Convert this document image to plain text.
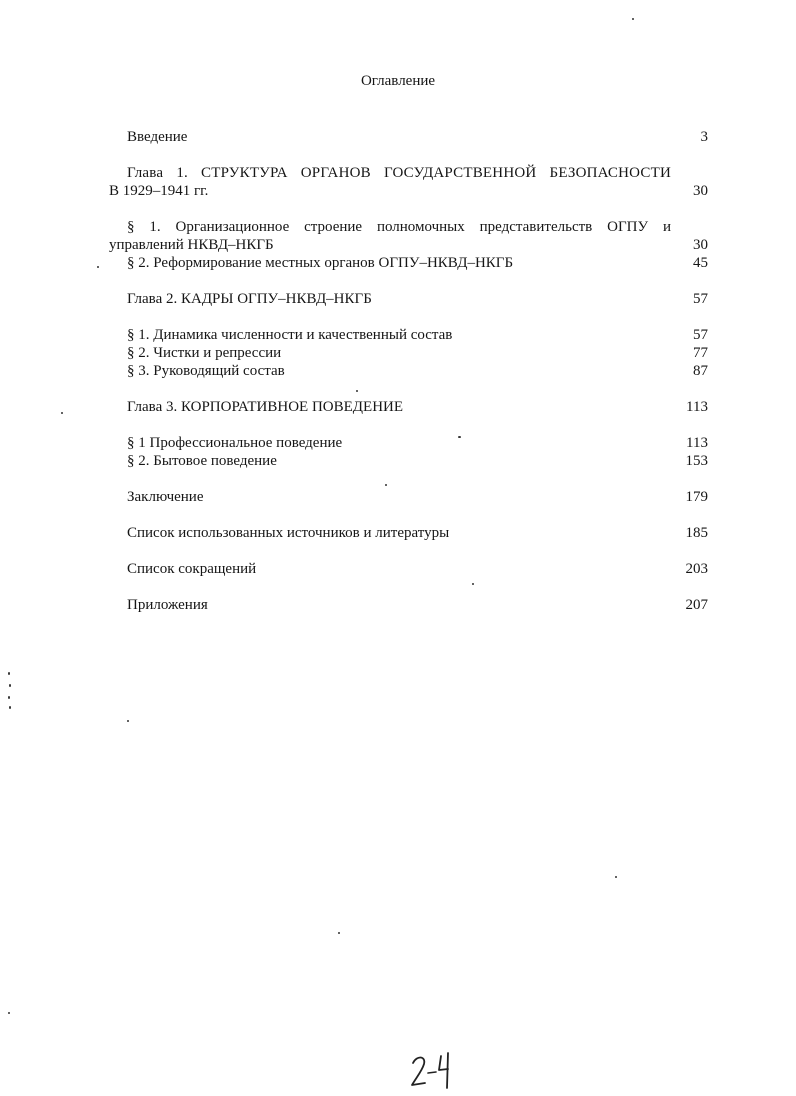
Оглавление
Введение	3
Глава 1. СТРУКТУРА ОРГАНОВ ГОСУДАРСТВЕННОЙ БЕЗОПАСНОСТИ
В 1929–1941 гг.	30
§ 1. Организационное строение полномочных представительств ОГПУ и
управлений НКВД–НКГБ	30
§ 2. Реформирование местных органов ОГПУ–НКВД–НКГБ	45
Глава 2. КАДРЫ ОГПУ–НКВД–НКГБ	57
§ 1. Динамика численности и качественный состав	57
§ 2. Чистки и репрессии	77
§ 3. Руководящий состав	87
Глава 3. КОРПОРАТИВНОЕ ПОВЕДЕНИЕ	113
§ 1 Профессиональное поведение	113
§ 2. Бытовое поведение	153
Заключение	179
Список использованных источников и литературы	185
Список сокращений	203
Приложения	207
